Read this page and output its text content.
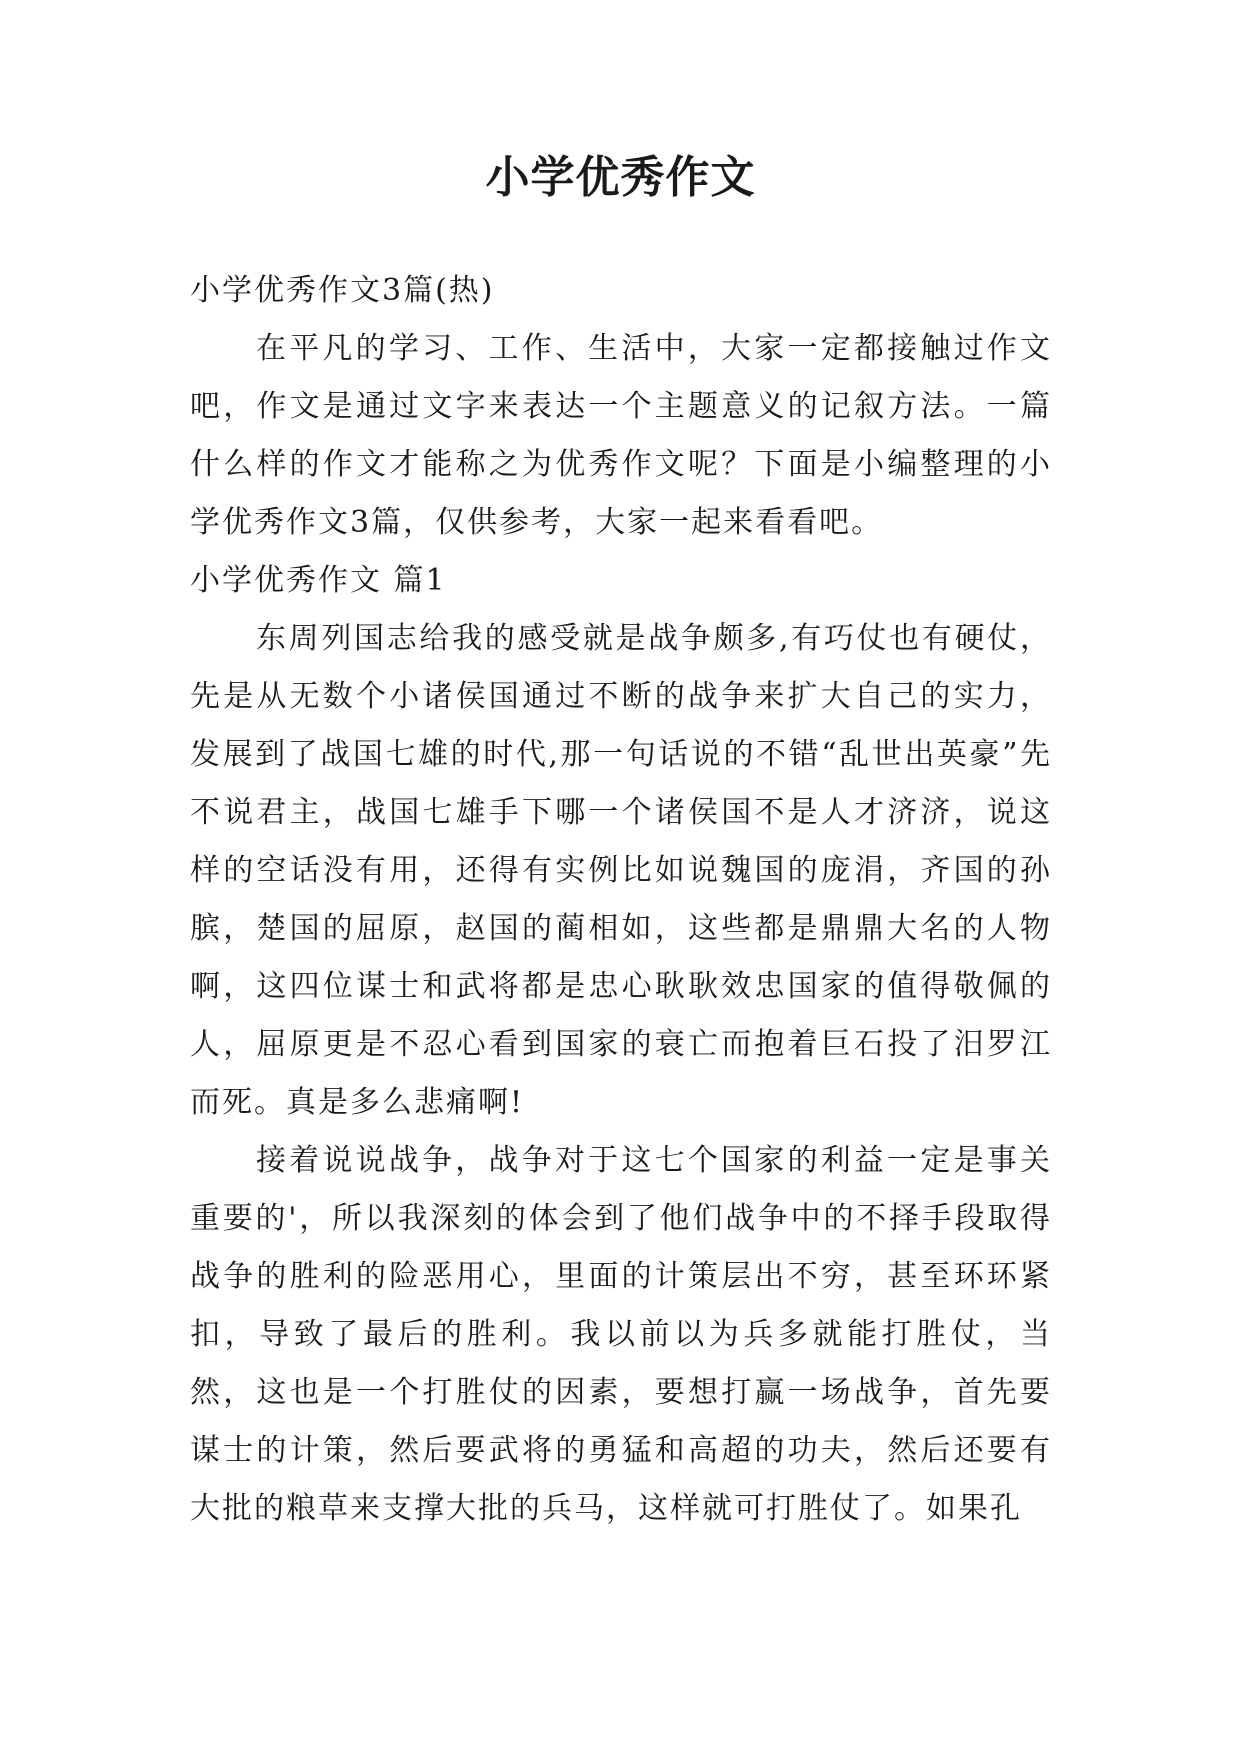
小学优秀作文

小学优秀作文3篇(热)

在平凡的学习、工作、生活中，大家一定都接触过作文吧，作文是通过文字来表达一个主题意义的记叙方法。一篇什么样的作文才能称之为优秀作文呢？下面是小编整理的小学优秀作文3篇，仅供参考，大家一起来看看吧。

小学优秀作文 篇1

东周列国志给我的感受就是战争颇多,有巧仗也有硬仗，先是从无数个小诸侯国通过不断的战争来扩大自己的实力，发展到了战国七雄的时代,那一句话说的不错“乱世出英豪”先不说君主，战国七雄手下哪一个诸侯国不是人才济济，说这样的空话没有用，还得有实例比如说魏国的庞涓，齐国的孙膑，楚国的屈原，赵国的蔺相如，这些都是鼎鼎大名的人物啊，这四位谋士和武将都是忠心耿耿效忠国家的值得敬佩的人，屈原更是不忍心看到国家的衰亡而抱着巨石投了汨罗江而死。真是多么悲痛啊!

接着说说战争，战争对于这七个国家的利益一定是事关重要的'，所以我深刻的体会到了他们战争中的不择手段取得战争的胜利的险恶用心，里面的计策层出不穷，甚至环环紧扣，导致了最后的胜利。我以前以为兵多就能打胜仗，当然，这也是一个打胜仗的因素，要想打赢一场战争，首先要谋士的计策，然后要武将的勇猛和高超的功夫，然后还要有大批的粮草来支撑大批的兵马，这样就可打胜仗了。如果孔
